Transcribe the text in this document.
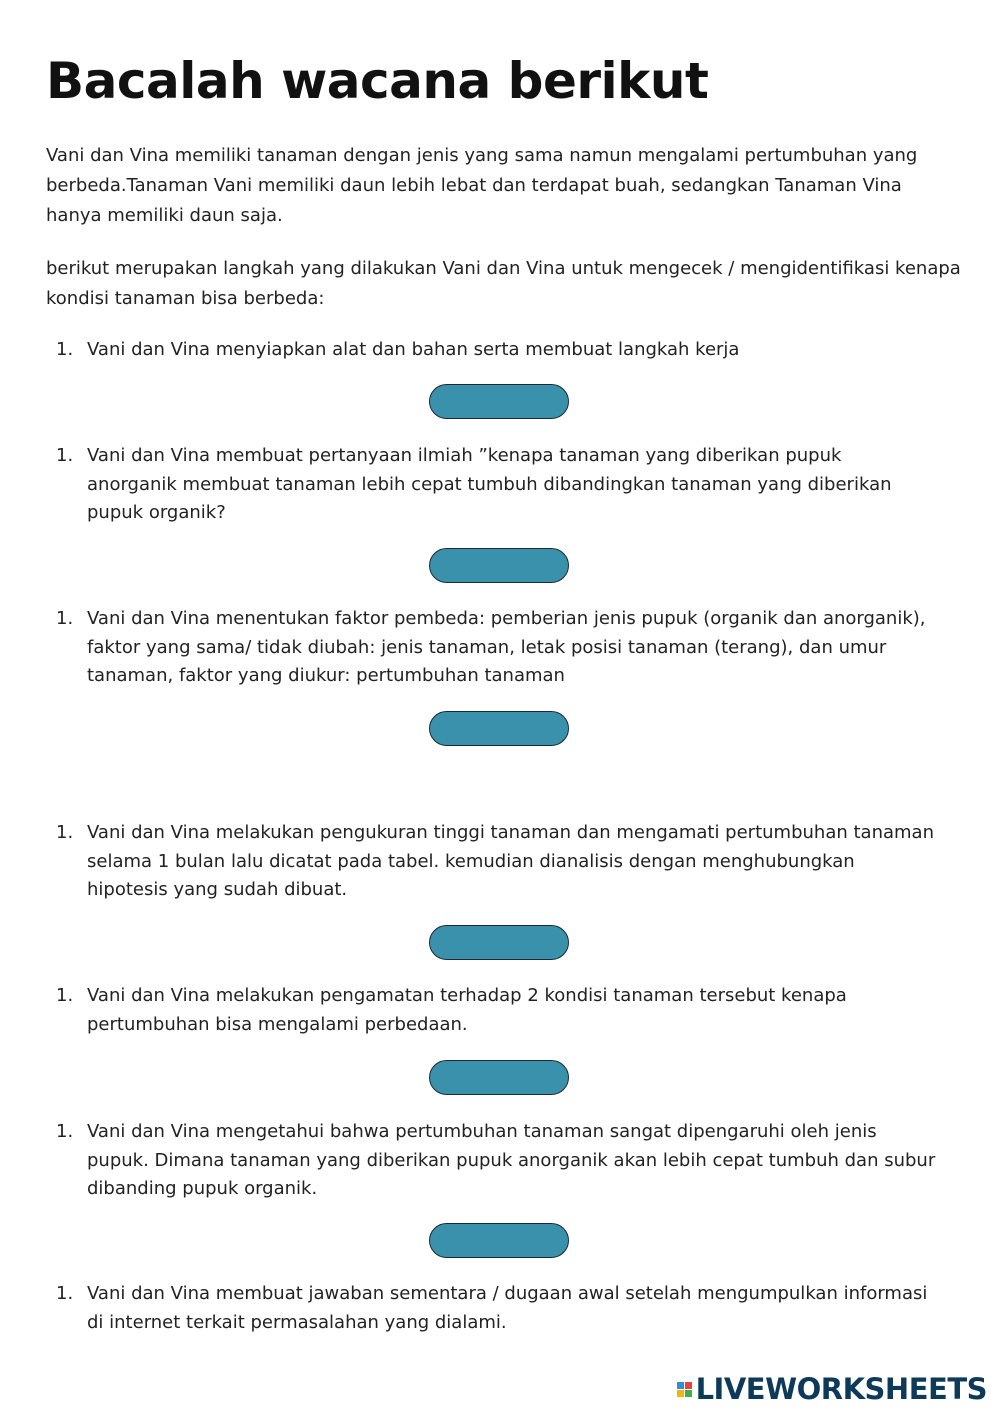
Bacalah wacana berikut

Vani dan Vina memiliki tanaman dengan jenis yang sama namun mengalami pertumbuhan yang berbeda.Tanaman Vani memiliki daun lebih lebat dan terdapat buah, sedangkan Tanaman Vina hanya memiliki daun saja.

berikut merupakan langkah yang dilakukan Vani dan Vina untuk mengecek / mengidentifikasi kenapa kondisi tanaman bisa berbeda:

1. Vani dan Vina menyiapkan alat dan bahan serta membuat langkah kerja
1. Vani dan Vina membuat pertanyaan ilmiah ”kenapa tanaman yang diberikan pupuk anorganik membuat tanaman lebih cepat tumbuh dibandingkan tanaman yang diberikan pupuk organik?
1. Vani dan Vina menentukan faktor pembeda: pemberian jenis pupuk (organik dan anorganik), faktor yang sama/ tidak diubah: jenis tanaman, letak posisi tanaman (terang), dan umur tanaman, faktor yang diukur: pertumbuhan tanaman
1. Vani dan Vina melakukan pengukuran tinggi tanaman dan mengamati pertumbuhan tanaman selama 1 bulan lalu dicatat pada tabel. kemudian dianalisis dengan menghubungkan hipotesis yang sudah dibuat.
1. Vani dan Vina melakukan pengamatan terhadap 2 kondisi tanaman tersebut kenapa pertumbuhan bisa mengalami perbedaan.
1. Vani dan Vina mengetahui bahwa pertumbuhan tanaman sangat dipengaruhi oleh jenis pupuk. Dimana tanaman yang diberikan pupuk anorganik akan lebih cepat tumbuh dan subur dibanding pupuk organik.
1. Vani dan Vina membuat jawaban sementara / dugaan awal setelah mengumpulkan informasi di internet terkait permasalahan yang dialami.
LIVEWORKSHEETS
